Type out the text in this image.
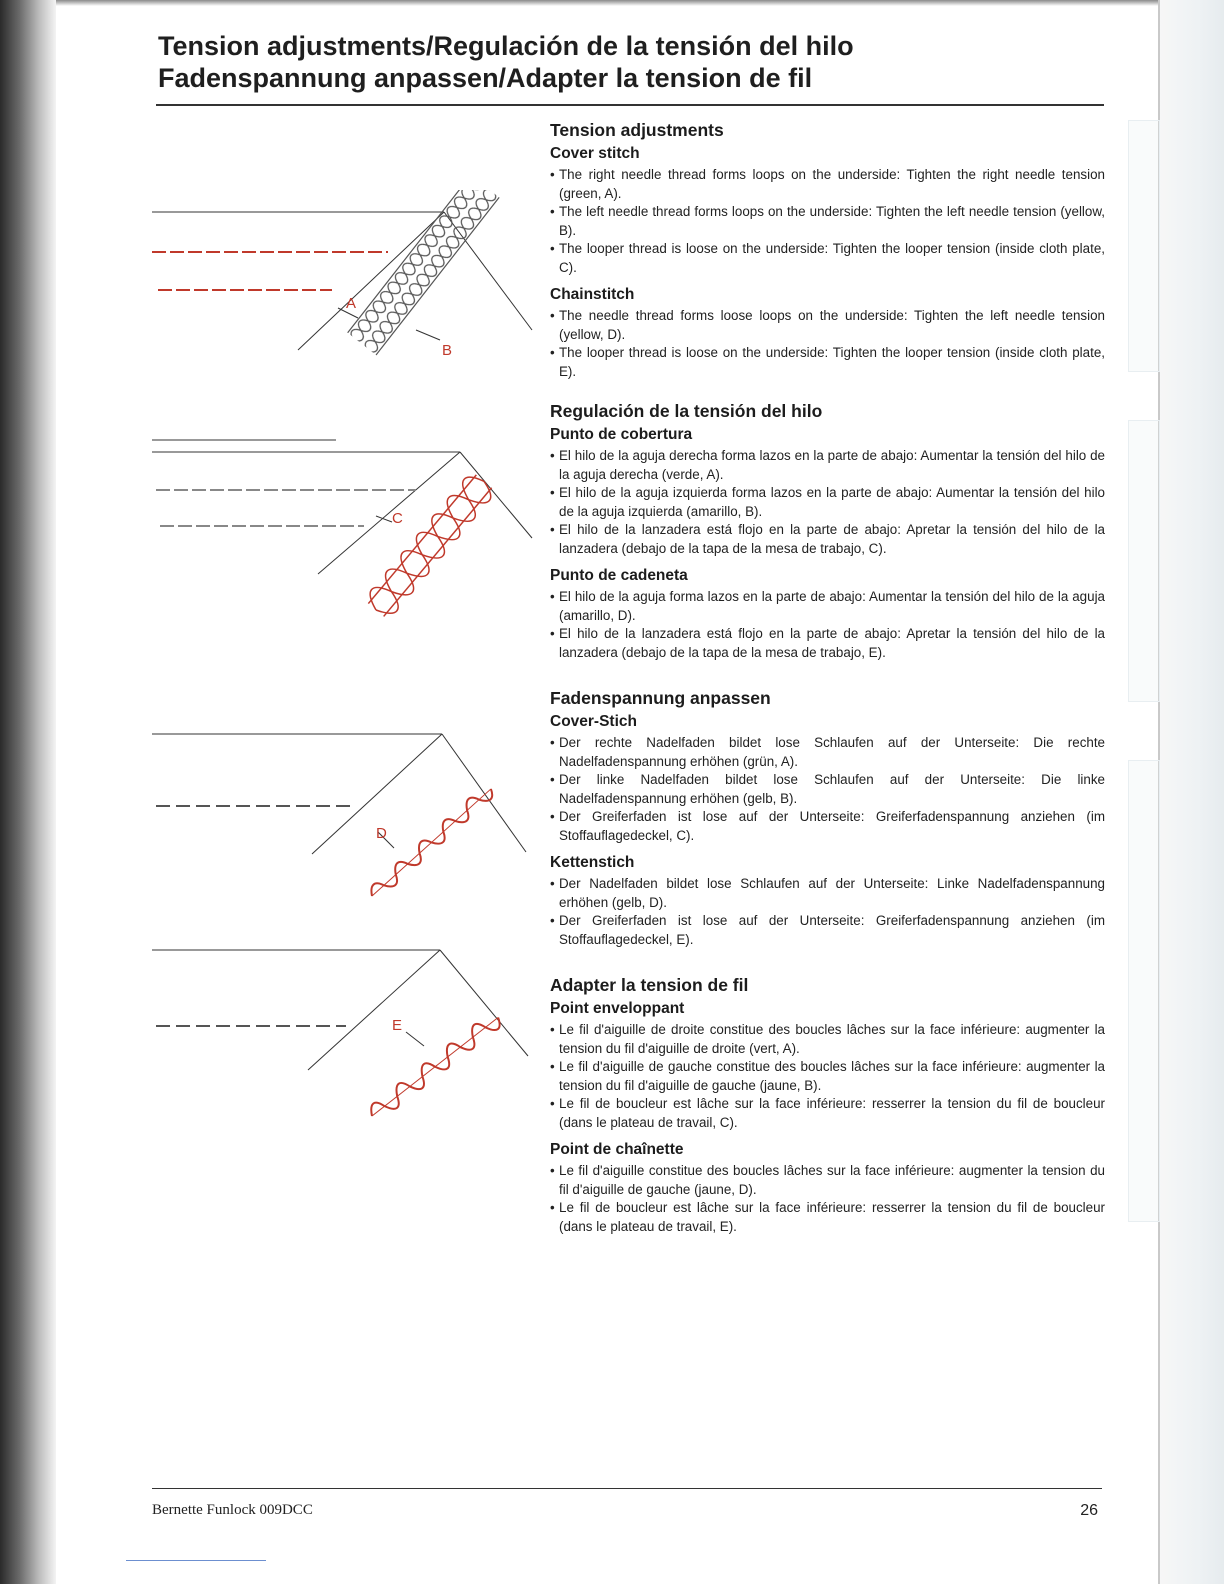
Tension adjustments/Regulación de la tensión del hilo
Fadenspannung anpassen/Adapter la tension de fil
A
B
C
D
E
Tension adjustments
Cover stitch
• The right needle thread forms loops on the underside: Tighten the right needle tension (green, A).
• The left needle thread forms loops on the underside: Tighten the left needle tension (yellow, B).
• The looper thread is loose on the underside: Tighten the looper tension (inside cloth plate, C).
Chainstitch
• The needle thread forms loose loops on the underside: Tighten the left needle tension (yellow, D).
• The looper thread is loose on the underside: Tighten the looper tension (inside cloth plate, E).
Regulación de la tensión del hilo
Punto de cobertura
• El hilo de la aguja derecha forma lazos en la parte de abajo: Aumentar la tensión del hilo de la aguja derecha (verde, A).
• El hilo de la aguja izquierda forma lazos en la parte de abajo: Aumentar la tensión del hilo de la aguja izquierda (amarillo, B).
• El hilo de la lanzadera está flojo en la parte de abajo: Apretar la tensión del hilo de la lanzadera (debajo de la tapa de la mesa de trabajo, C).
Punto de cadeneta
• El hilo de la aguja forma lazos en la parte de abajo: Aumentar la tensión del hilo de la aguja (amarillo, D).
• El hilo de la lanzadera está flojo en la parte de abajo: Apretar la tensión del hilo de la lanzadera (debajo de la tapa de la mesa de trabajo, E).
Fadenspannung anpassen
Cover-Stich
• Der rechte Nadelfaden bildet lose Schlaufen auf der Unterseite: Die rechte Nadelfadenspannung erhöhen (grün, A).
• Der linke Nadelfaden bildet lose Schlaufen auf der Unterseite: Die linke Nadelfadenspannung erhöhen (gelb, B).
• Der Greiferfaden ist lose auf der Unterseite: Greiferfadenspannung anziehen (im Stoffauflagedeckel, C).
Kettenstich
• Der Nadelfaden bildet lose Schlaufen auf der Unterseite: Linke Nadelfadenspannung erhöhen (gelb, D).
• Der Greiferfaden ist lose auf der Unterseite: Greiferfadenspannung anziehen (im Stoffauflagedeckel, E).
Adapter la tension de fil
Point enveloppant
• Le fil d'aiguille de droite constitue des boucles lâches sur la face inférieure: augmenter la tension du fil d'aiguille de droite (vert, A).
• Le fil d'aiguille de gauche constitue des boucles lâches sur la face inférieure: augmenter la tension du fil d'aiguille de gauche (jaune, B).
• Le fil de boucleur est lâche sur la face inférieure: resserrer la tension du fil de boucleur (dans le plateau de travail, C).
Point de chaînette
• Le fil d'aiguille constitue des boucles lâches sur la face inférieure: augmenter la tension du fil d'aiguille de gauche (jaune, D).
• Le fil de boucleur est lâche sur la face inférieure: resserrer la tension du fil de boucleur (dans le plateau de travail, E).
Bernette Funlock 009DCC	26
